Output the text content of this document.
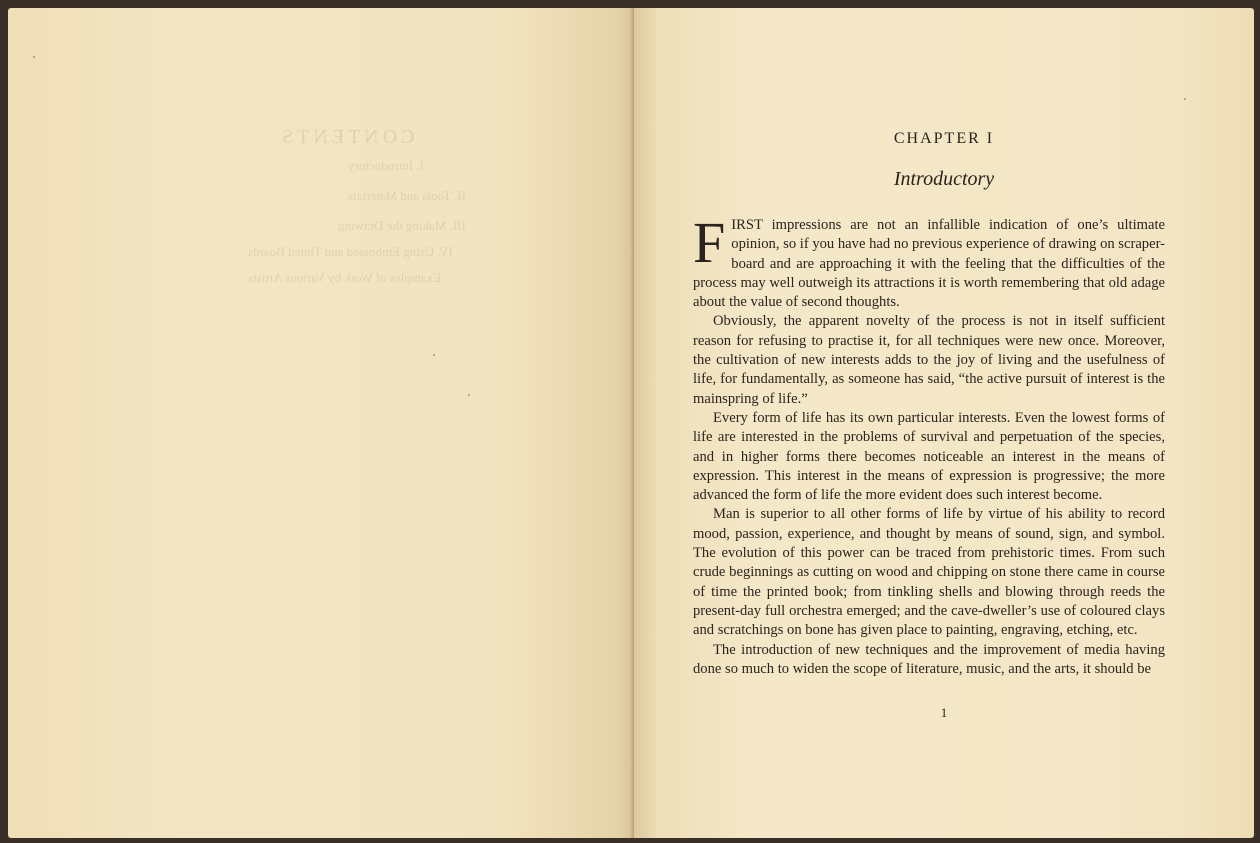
CONTENTS
I. Introductory
II. Tools and Materials
III. Making the Drawing
IV. Using Embossed and Tinted Boards
Examples of Work by Various Artists
CHAPTER I
Introductory

FIRST impressions are not an infallible indication of one’s ultimate opinion, so if you have had no previous experience of drawing on scraper-board and are approaching it with the feeling that the difficulties of the process may well outweigh its attractions it is worth remembering that old adage about the value of second thoughts.

Obviously, the apparent novelty of the process is not in itself sufficient reason for refusing to practise it, for all techniques were new once. Moreover, the cultivation of new interests adds to the joy of living and the usefulness of life, for fundamentally, as someone has said, “the active pursuit of interest is the mainspring of life.”

Every form of life has its own particular interests. Even the lowest forms of life are interested in the problems of survival and perpetuation of the species, and in higher forms there becomes noticeable an interest in the means of expression. This interest in the means of expression is progressive; the more advanced the form of life the more evident does such interest become.

Man is superior to all other forms of life by virtue of his ability to record mood, passion, experience, and thought by means of sound, sign, and symbol. The evolution of this power can be traced from prehistoric times. From such crude beginnings as cutting on wood and chipping on stone there came in course of time the printed book; from tinkling shells and blowing through reeds the present-day full orchestra emerged; and the cave-dweller’s use of coloured clays and scratchings on bone has given place to painting, engraving, etching, etc.

The introduction of new techniques and the improvement of media having done so much to widen the scope of literature, music, and the arts, it should be

1
